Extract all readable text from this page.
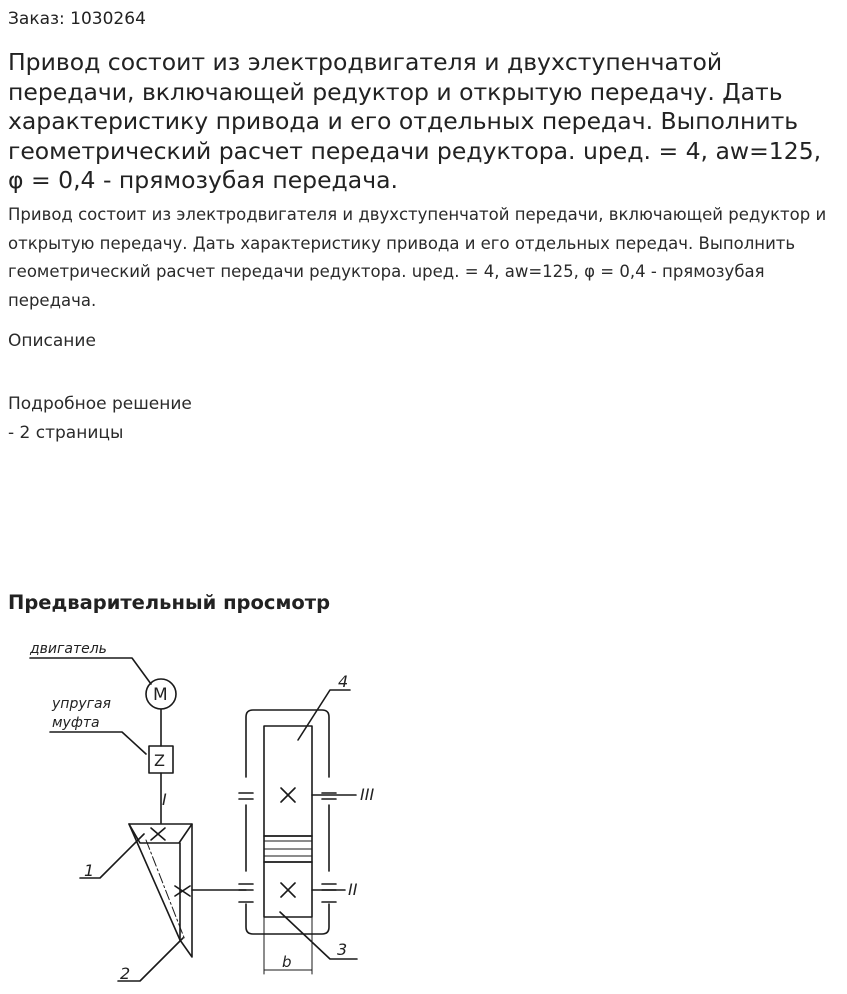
Заказ: 1030264
Привод состоит из электродвигателя и двухступенчатой передачи, включающей редуктор и открытую передачу. Дать характеристику привода и его отдельных передач. Выполнить геометрический расчет передачи редуктора. uред. = 4, aw=125, φ = 0,4 - прямозубая передача.

Привод состоит из электродвигателя и двухступенчатой передачи, включающей редуктор и открытую передачу. Дать характеристику привода и его отдельных передач. Выполнить геометрический расчет передачи редуктора. uред. = 4, aw=125, φ = 0,4 - прямозубая передача.

Описание
Подробное решение
- 2 страницы
Предварительный просмотр
двигатель
M
упругая
муфта
Z
I
1
2
4
III
II
3
b
